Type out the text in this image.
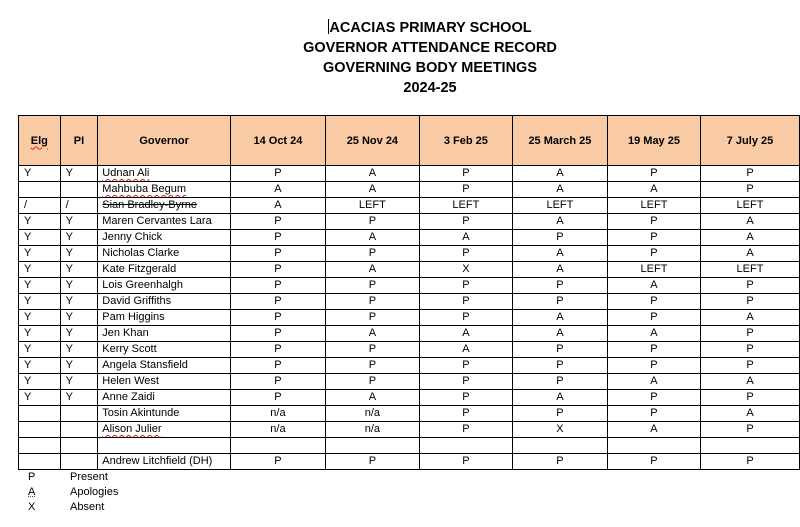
ACACIAS PRIMARY SCHOOL
GOVERNOR ATTENDANCE RECORD
GOVERNING BODY MEETINGS
2024-25
Elg	PI	Governor	14 Oct 24	25 Nov 24	3 Feb 25	25 March 25	19 May 25	7 July 25
Y	Y	Udnan Ali	P	A	P	A	P	P
		Mahbuba Begum	A	A	P	A	A	P
/	/	Sian Bradley-Byrne	A	LEFT	LEFT	LEFT	LEFT	LEFT
Y	Y	Maren Cervantes Lara	P	P	P	A	P	A
Y	Y	Jenny Chick	P	A	A	P	P	A
Y	Y	Nicholas Clarke	P	P	P	A	P	A
Y	Y	Kate Fitzgerald	P	A	X	A	LEFT	LEFT
Y	Y	Lois Greenhalgh	P	P	P	P	A	P
Y	Y	David Griffiths	P	P	P	P	P	P
Y	Y	Pam Higgins	P	P	P	A	P	A
Y	Y	Jen Khan	P	A	A	A	A	P
Y	Y	Kerry Scott	P	P	A	P	P	P
Y	Y	Angela Stansfield	P	P	P	P	P	P
Y	Y	Helen West	P	P	P	P	A	A
Y	Y	Anne Zaidi	P	A	P	A	P	P
		Tosin Akintunde	n/a	n/a	P	P	P	A
		Alison Julier	n/a	n/a	P	X	A	P

		Andrew Litchfield (DH)	P	P	P	P	P	P
P	Present
A	Apologies
X	Absent
